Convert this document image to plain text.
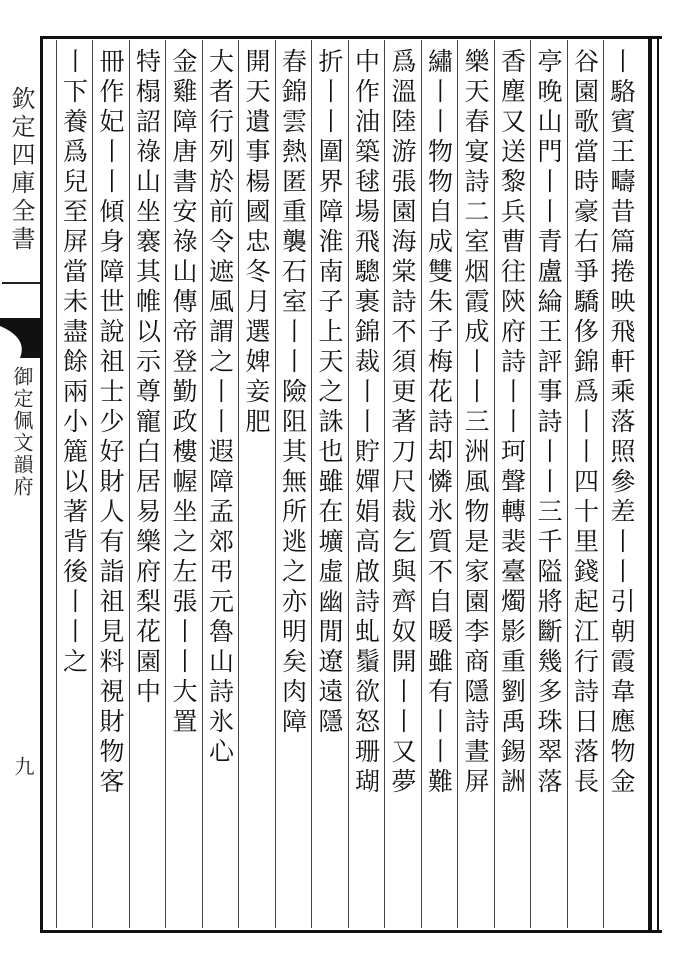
欽定四庫全書
御定佩文韻府
九	丨駱賓王疇昔篇捲映飛軒乘落照參差丨丨引朝霞韋應物金
谷園歌當時豪右爭驕侈錦爲丨丨四十里錢起江行詩日落長
亭晚山門丨丨青盧綸王評事詩丨丨三千隘將斷幾多珠翠落
香塵又送黎兵曹往陝府詩丨丨珂聲轉裴臺燭影重劉禹錫詶
樂天春宴詩二室烟霞成丨丨三洲風物是家園李商隱詩晝屏
繡丨丨物物自成雙朱子梅花詩却憐氷質不自暖雖有丨丨難
爲溫陸游張園海棠詩不須更著刀尺裁乞與齊奴開丨丨又夢
中作油築毬場飛驄裹錦裁丨丨貯嬋娟高啟詩虬鬚欲怒珊瑚
折丨丨圍界障淮南子上天之誅也雖在壙虛幽閒遼遠隱
春錦雲熱匿重襲石室丨丨險阻其無所逃之亦明矣肉障
開天遺事楊國忠冬月選婢妾肥
大者行列於前令遮風謂之丨丨遐障孟郊弔元魯山詩氷心
金雞障唐書安祿山傳帝登勤政樓幄坐之左張丨丨大置
特榻詔祿山坐褰其帷以示尊寵白居易樂府梨花園中
冊作妃丨丨傾身障世說祖士少好財人有詣祖見料視財物客
丨下養爲兒至屏當未盡餘兩小簏以著背後丨丨之
